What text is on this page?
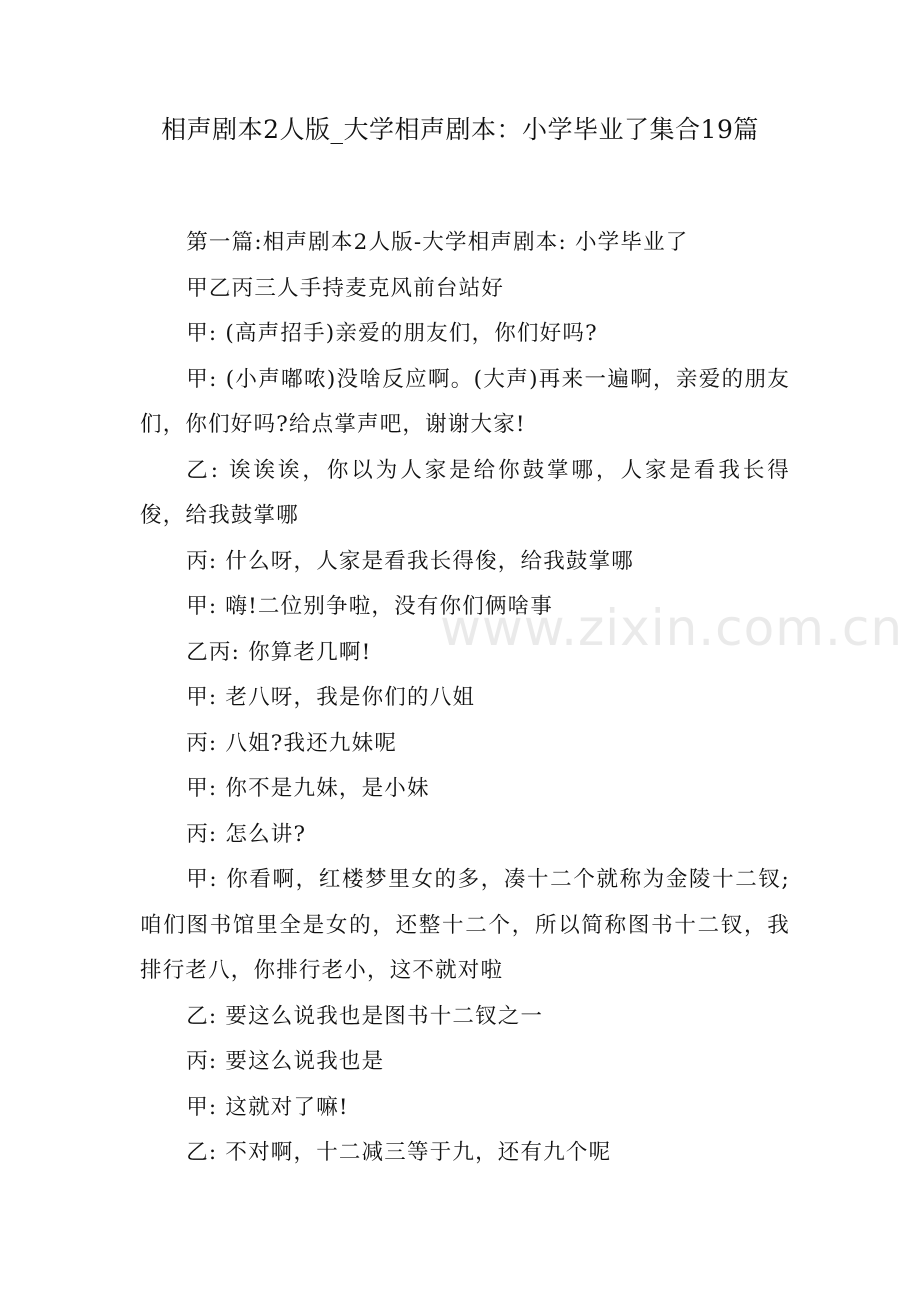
相声剧本2人版_大学相声剧本：小学毕业了集合19篇

第一篇:相声剧本2人版-大学相声剧本: 小学毕业了

甲乙丙三人手持麦克风前台站好

甲: (高声招手)亲爱的朋友们，你们好吗?

甲: (小声嘟哝)没啥反应啊。(大声)再来一遍啊，亲爱的朋友们，你们好吗?给点掌声吧，谢谢大家!

乙: 诶诶诶，你以为人家是给你鼓掌哪，人家是看我长得俊，给我鼓掌哪

丙: 什么呀，人家是看我长得俊，给我鼓掌哪

甲: 嗨!二位别争啦，没有你们俩啥事

乙丙: 你算老几啊!

甲: 老八呀，我是你们的八姐

丙: 八姐?我还九妹呢

甲: 你不是九妹，是小妹

丙: 怎么讲?

甲: 你看啊，红楼梦里女的多，凑十二个就称为金陵十二钗;咱们图书馆里全是女的，还整十二个，所以简称图书十二钗，我排行老八，你排行老小，这不就对啦

乙: 要这么说我也是图书十二钗之一

丙: 要这么说我也是

甲: 这就对了嘛!

乙: 不对啊，十二减三等于九，还有九个呢

www.zixin.com.cn
